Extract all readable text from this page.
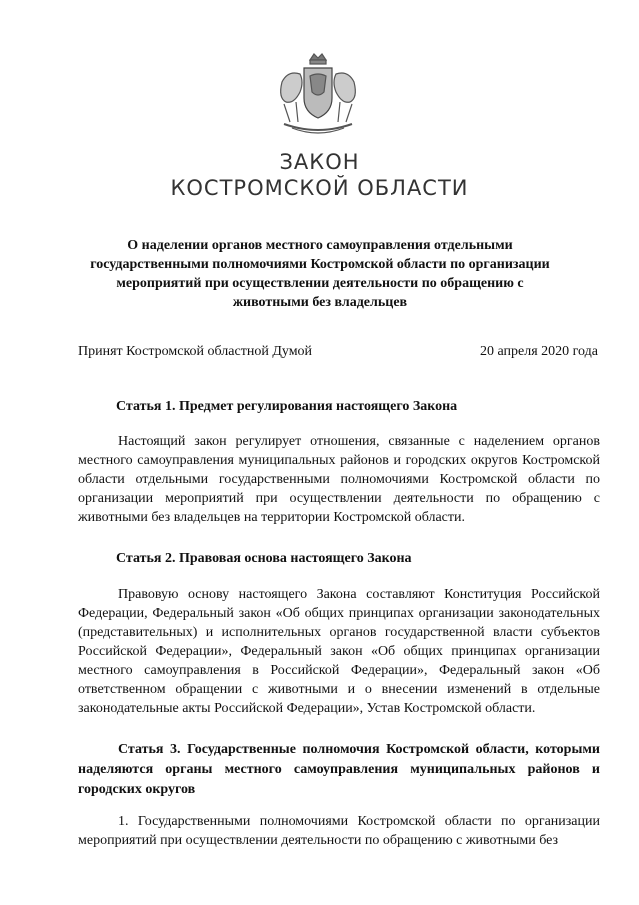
ЗАКОН
КОСТРОМСКОЙ ОБЛАСТИ
О наделении органов местного самоуправления отдельными государственными полномочиями Костромской области по организации мероприятий при осуществлении деятельности по обращению с животными без владельцев
Принят Костромской областной Думой	20 апреля 2020 года
Статья 1. Предмет регулирования настоящего Закона
Настоящий закон регулирует отношения, связанные с наделением органов местного самоуправления муниципальных районов и городских округов Костромской области отдельными государственными полномочиями Костромской области по организации мероприятий при осуществлении деятельности по обращению с животными без владельцев на территории Костромской области.
Статья 2. Правовая основа настоящего Закона
Правовую основу настоящего Закона составляют Конституция Российской Федерации, Федеральный закон «Об общих принципах организации законодательных (представительных) и исполнительных органов государственной власти субъектов Российской Федерации», Федеральный закон «Об общих принципах организации местного самоуправления в Российской Федерации», Федеральный закон «Об ответственном обращении с животными и о внесении изменений в отдельные законодательные акты Российской Федерации», Устав Костромской области.
Статья 3. Государственные полномочия Костромской области, которыми наделяются органы местного самоуправления муниципальных районов и городских округов
1. Государственными полномочиями Костромской области по организации мероприятий при осуществлении деятельности по обращению с животными без
